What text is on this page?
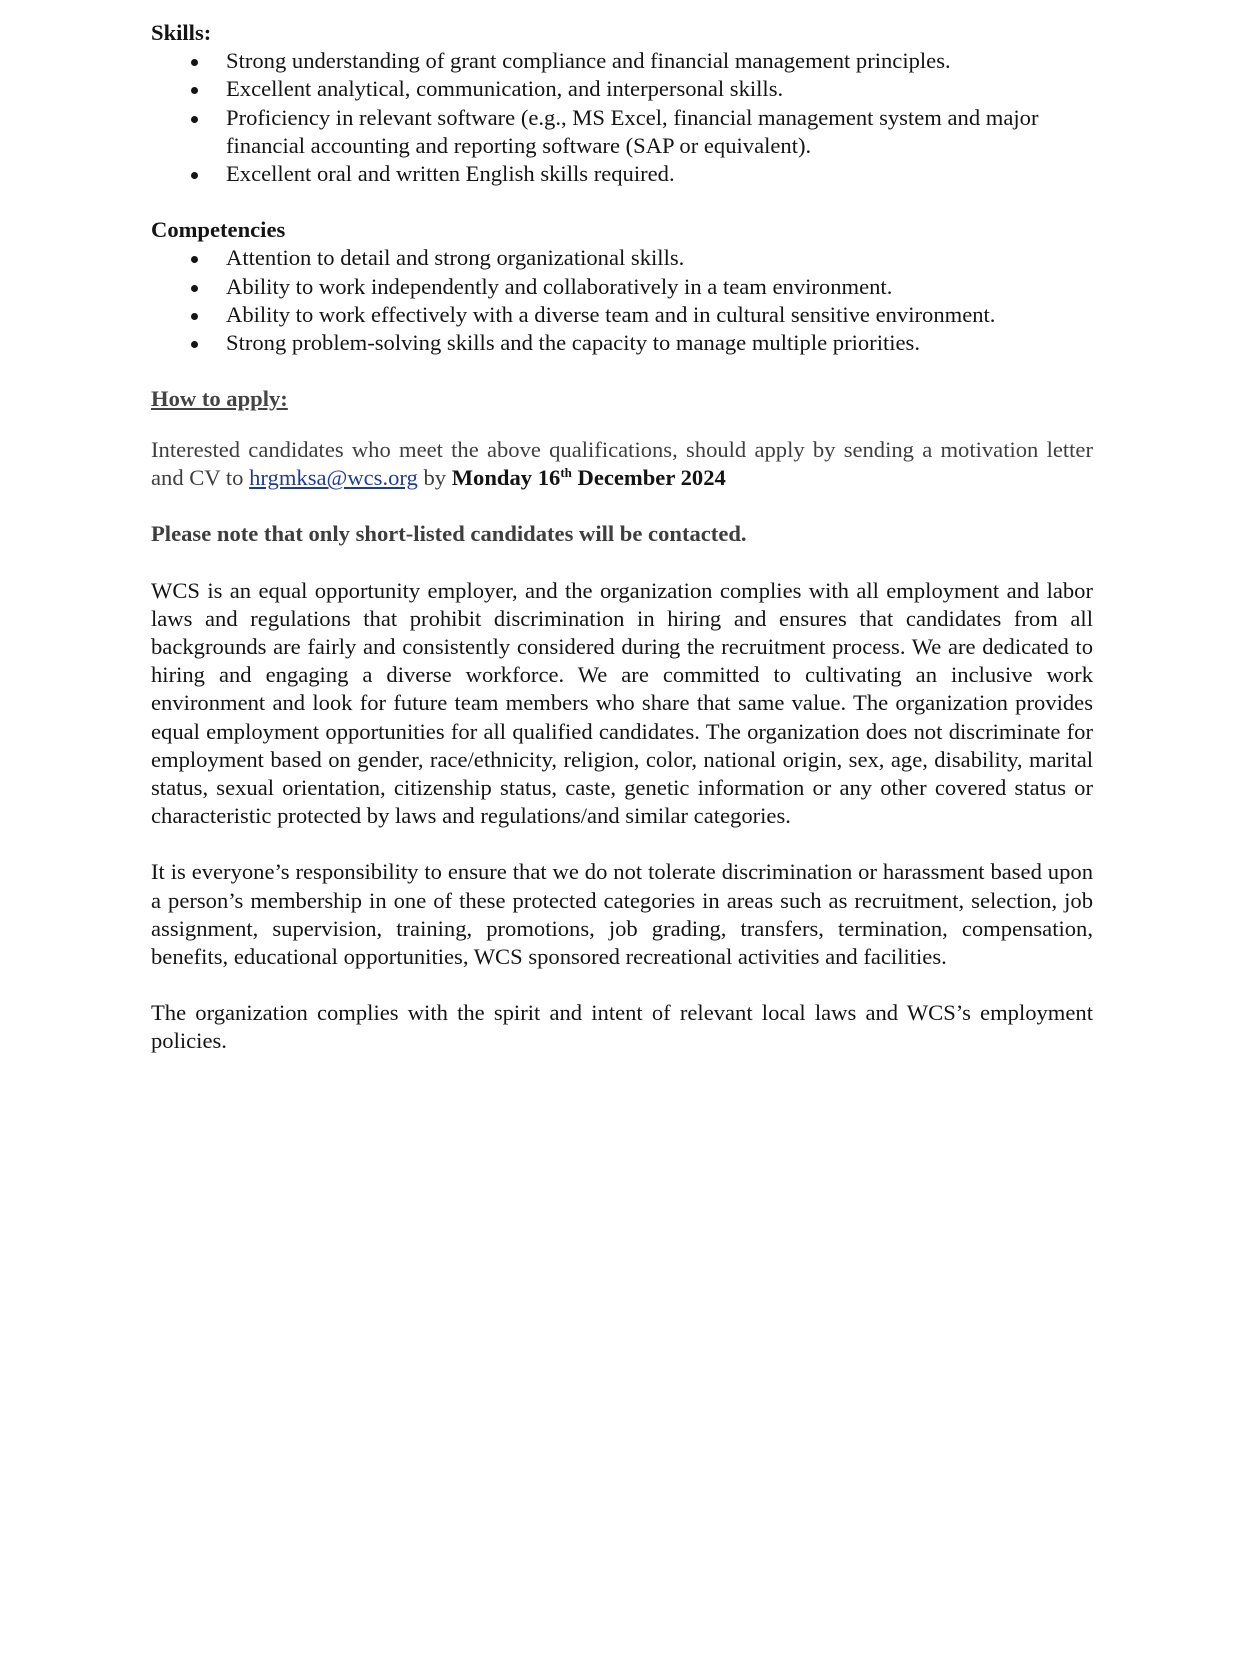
Skills:

Strong understanding of grant compliance and financial management principles.
Excellent analytical, communication, and interpersonal skills.
Proficiency in relevant software (e.g., MS Excel, financial management system and major financial accounting and reporting software (SAP or equivalent).
Excellent oral and written English skills required.

Competencies

Attention to detail and strong organizational skills.
Ability to work independently and collaboratively in a team environment.
Ability to work effectively with a diverse team and in cultural sensitive environment.
Strong problem-solving skills and the capacity to manage multiple priorities.

How to apply:

Interested candidates who meet the above qualifications, should apply by sending a motivation letter and CV to hrgmksa@wcs.org by Monday 16th December 2024

Please note that only short-listed candidates will be contacted.

WCS is an equal opportunity employer, and the organization complies with all employment and labor laws and regulations that prohibit discrimination in hiring and ensures that candidates from all backgrounds are fairly and consistently considered during the recruitment process. We are dedicated to hiring and engaging a diverse workforce. We are committed to cultivating an inclusive work environment and look for future team members who share that same value. The organization provides equal employment opportunities for all qualified candidates. The organization does not discriminate for employment based on gender, race/ethnicity, religion, color, national origin, sex, age, disability, marital status, sexual orientation, citizenship status, caste, genetic information or any other covered status or characteristic protected by laws and regulations/and similar categories.

It is everyone’s responsibility to ensure that we do not tolerate discrimination or harassment based upon a person’s membership in one of these protected categories in areas such as recruitment, selection, job assignment, supervision, training, promotions, job grading, transfers, termination, compensation, benefits, educational opportunities, WCS sponsored recreational activities and facilities.

The organization complies with the spirit and intent of relevant local laws and WCS’s employment policies.
